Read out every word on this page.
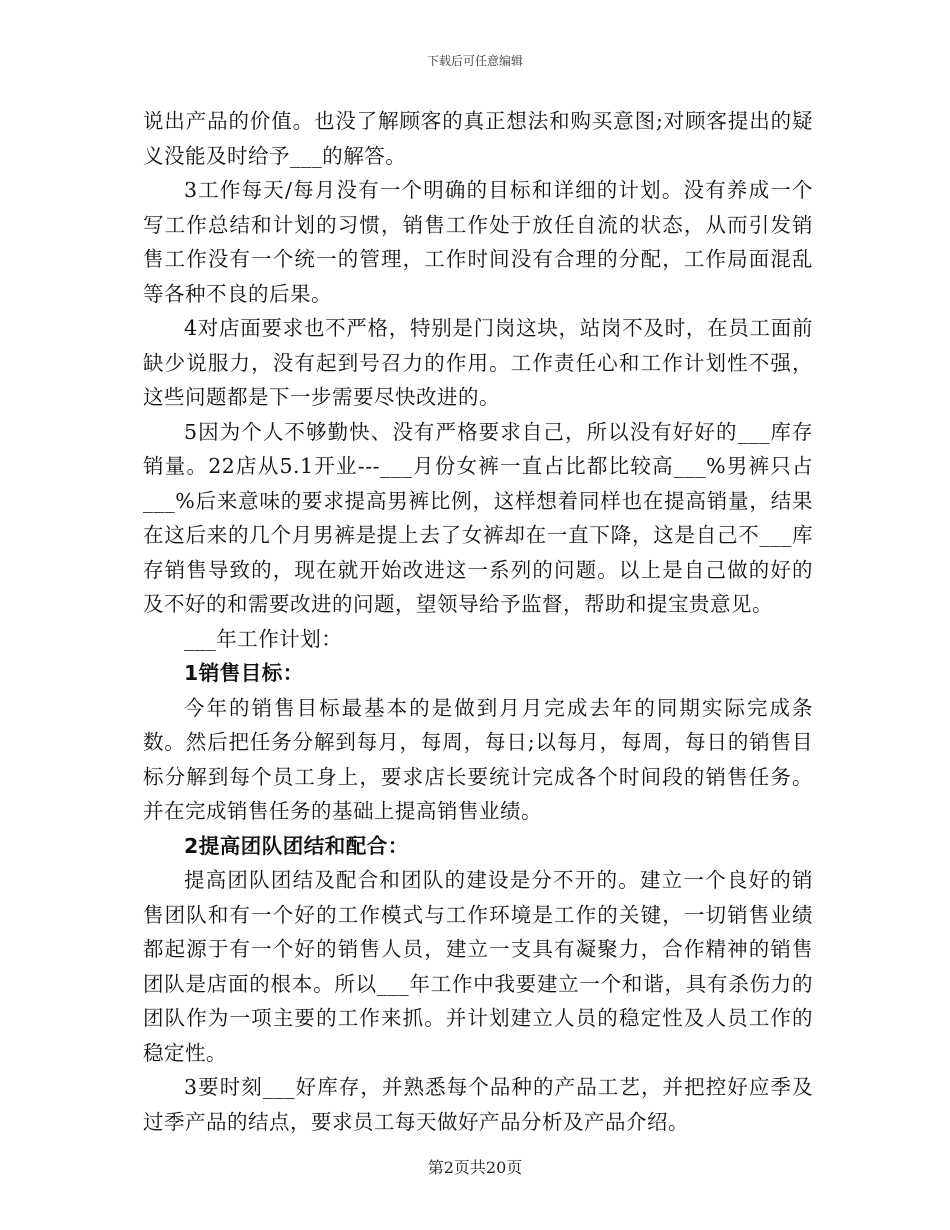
下载后可任意编辑

说出产品的价值。也没了解顾客的真正想法和购买意图;对顾客提出的疑义没能及时给予___的解答。

3工作每天/每月没有一个明确的目标和详细的计划。没有养成一个写工作总结和计划的习惯，销售工作处于放任自流的状态，从而引发销售工作没有一个统一的管理，工作时间没有合理的分配，工作局面混乱等各种不良的后果。

4对店面要求也不严格，特别是门岗这块，站岗不及时，在员工面前缺少说服力，没有起到号召力的作用。工作责任心和工作计划性不强，这些问题都是下一步需要尽快改进的。

5因为个人不够勤快、没有严格要求自己，所以没有好好的___库存销量。22店从5.1开业---___月份女裤一直占比都比较高___%男裤只占___%后来意味的要求提高男裤比例，这样想着同样也在提高销量，结果在这后来的几个月男裤是提上去了女裤却在一直下降，这是自己不___库存销售导致的，现在就开始改进这一系列的问题。以上是自己做的好的及不好的和需要改进的问题，望领导给予监督，帮助和提宝贵意见。

___年工作计划：

1销售目标：

今年的销售目标最基本的是做到月月完成去年的同期实际完成条数。然后把任务分解到每月，每周，每日;以每月，每周，每日的销售目标分解到每个员工身上，要求店长要统计完成各个时间段的销售任务。并在完成销售任务的基础上提高销售业绩。

2提高团队团结和配合：

提高团队团结及配合和团队的建设是分不开的。建立一个良好的销售团队和有一个好的工作模式与工作环境是工作的关键，一切销售业绩都起源于有一个好的销售人员，建立一支具有凝聚力，合作精神的销售团队是店面的根本。所以___年工作中我要建立一个和谐，具有杀伤力的团队作为一项主要的工作来抓。并计划建立人员的稳定性及人员工作的稳定性。

3要时刻___好库存，并熟悉每个品种的产品工艺，并把控好应季及过季产品的结点，要求员工每天做好产品分析及产品介绍。

第2页共20页
